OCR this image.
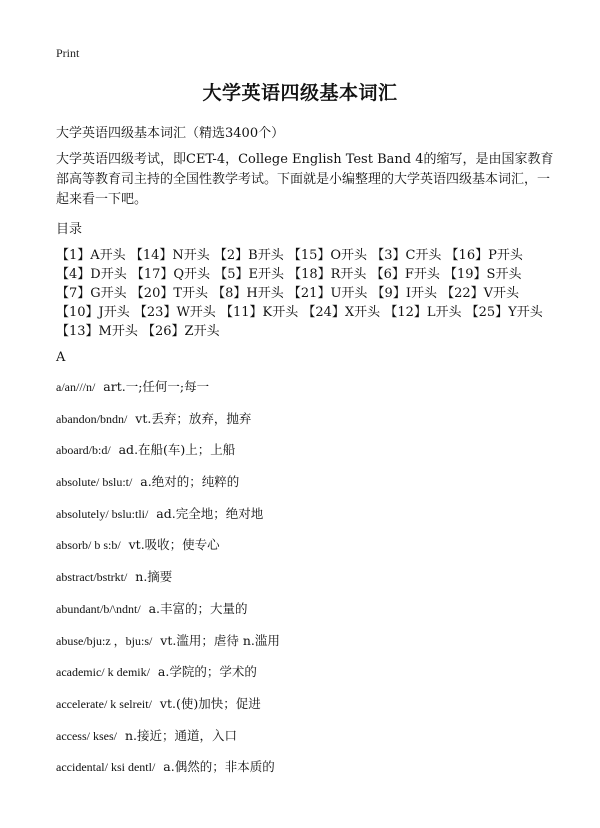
Print
大学英语四级基本词汇
大学英语四级基本词汇（精选3400个）
大学英语四级考试，即CET-4，College English Test Band 4的缩写，是由国家教育部高等教育司主持的全国性教学考试。下面就是小编整理的大学英语四级基本词汇，一起来看一下吧。
目录
【1】A开头 【14】N开头 【2】B开头 【15】O开头 【3】C开头 【16】P开头 【4】D开头 【17】Q开头 【5】E开头 【18】R开头 【6】F开头 【19】S开头 【7】G开头 【20】T开头 【8】H开头 【21】U开头 【9】I开头 【22】V开头 【10】J开头 【23】W开头 【11】K开头 【24】X开头 【12】L开头 【25】Y开头 【13】M开头 【26】Z开头
A
a/an///n/ art.一;任何一;每一
abandon/bndn/ vt.丢弃；放弃，抛弃
aboard/b:d/ ad.在船(车)上；上船
absolute/ bslu:t/ a.绝对的；纯粹的
absolutely/ bslu:tli/ ad.完全地；绝对地
absorb/ b s:b/ vt.吸收；使专心
abstract/bstrkt/ n.摘要
abundant/b/\ndnt/ a.丰富的；大量的
abuse/bju:z ，bju:s/ vt.滥用；虐待 n.滥用
academic/ k demik/ a.学院的；学术的
accelerate/ k selreit/ vt.(使)加快；促进
access/ kses/ n.接近；通道，入口
accidental/ ksi dentl/ a.偶然的；非本质的
